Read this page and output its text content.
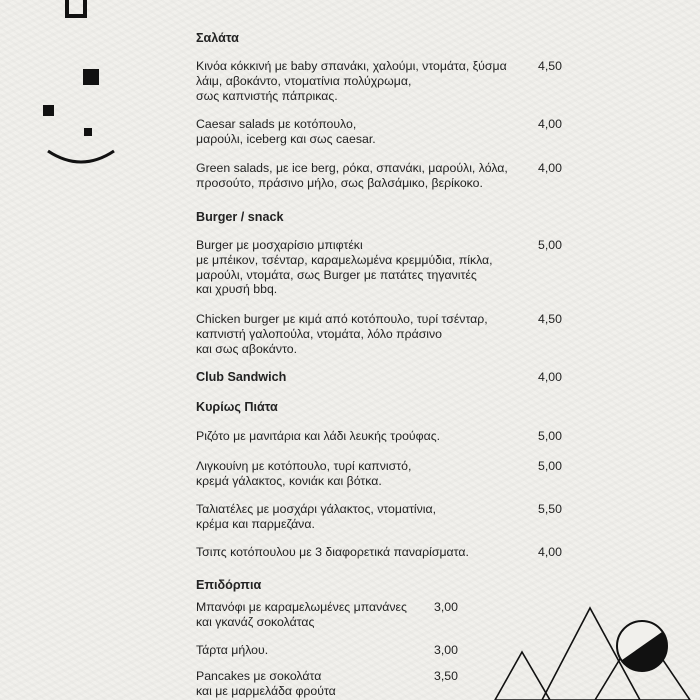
Σαλάτα
Κινόα κόκκινή με baby σπανάκι, χαλούμι, ντομάτα, ξύσμα
λάιμ, αβοκάντο, ντοματίνια πολύχρωμα,
σως καπνιστής πάπρικας.
4,50
Caesar salads με κοτόπουλο,
μαρούλι, iceberg και σως caesar.
4,00
Green salads, με ice berg, ρόκα, σπανάκι, μαρούλι, λόλα,
προσούτο, πράσινο μήλο, σως βαλσάμικο, βερίκοκο.
4,00
Burger / snack
Burger με μοσχαρίσιο μπιφτέκι
με μπέικον, τσένταρ, καραμελωμένα κρεμμύδια, πίκλα,
μαρούλι, ντομάτα, σως Burger με πατάτες τηγανιτές
και χρυσή bbq.
5,00
Chicken burger με κιμά από κοτόπουλο, τυρί τσένταρ,
καπνιστή γαλοπούλα, ντομάτα, λόλο πράσινο
και σως αβοκάντο.
4,50
Club Sandwich	4,00
Κυρίως Πιάτα
Ριζότο με μανιτάρια και λάδι λευκής τρούφας.	5,00
Λιγκουίνη με κοτόπουλο, τυρί καπνιστό,
κρεμά γάλακτος, κονιάκ και βότκα.
5,00
Ταλιατέλες με μοσχάρι γάλακτος, ντοματίνια,
κρέμα και παρμεζάνα.
5,50
Τσιπς κοτόπουλου με 3 διαφορετικά παναρίσματα.	4,00
Επιδόρπια
Μπανόφι με καραμελωμένες μπανάνες
και γκανάζ σοκολάτας
3,00
Τάρτα μήλου.	3,00
Pancakes με σοκολάτα
και με μαρμελάδα φρούτα
3,50
